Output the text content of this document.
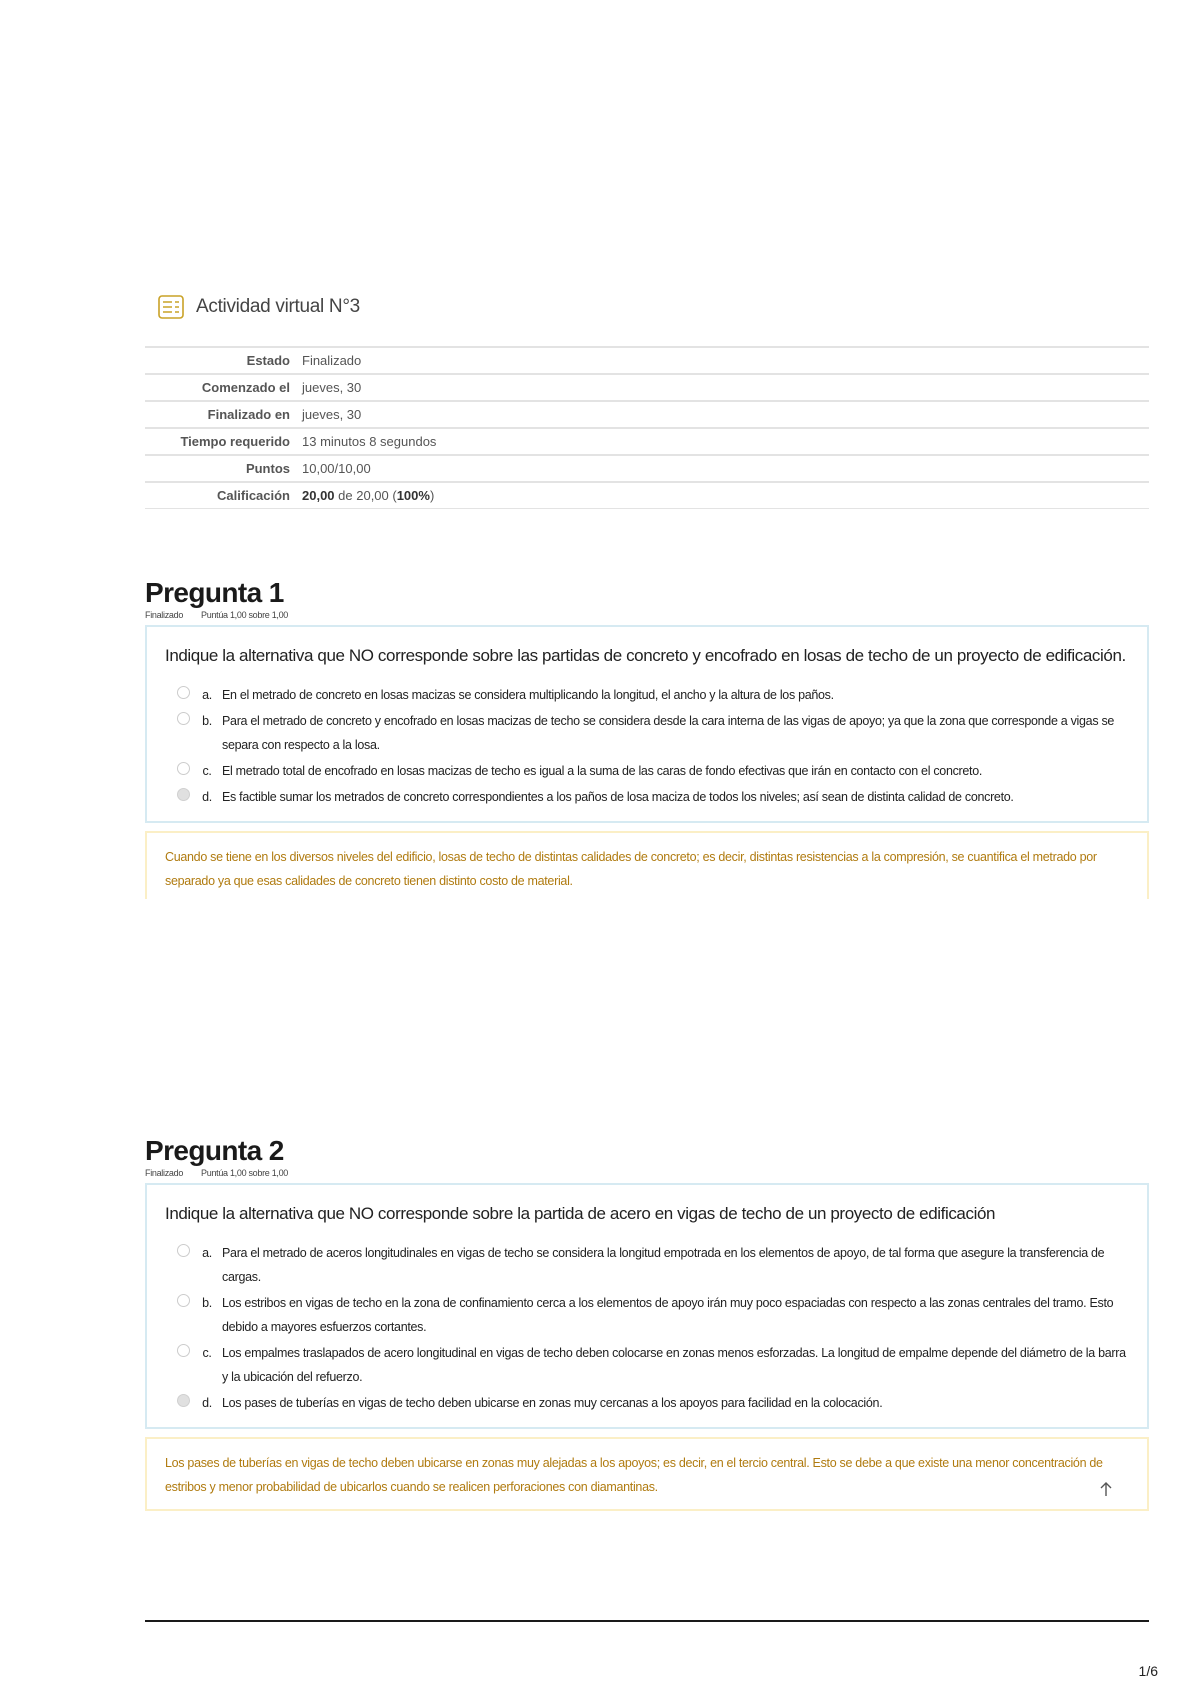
Actividad virtual N°3
Estado	Finalizado
Comenzado el	jueves, 30
Finalizado en	jueves, 30
Tiempo requerido	13 minutos 8 segundos
Puntos	10,00/10,00
Calificación	20,00 de 20,00 (100%)
Pregunta 1
Finalizado Puntúa 1,00 sobre 1,00

Indique la alternativa que NO corresponde sobre las partidas de concreto y encofrado en losas de techo de un proyecto de edificación.

a. En el metrado de concreto en losas macizas se considera multiplicando la longitud, el ancho y la altura de los paños.
b. Para el metrado de concreto y encofrado en losas macizas de techo se considera desde la cara interna de las vigas de apoyo; ya que la zona que corresponde a vigas se separa con respecto a la losa.
c. El metrado total de encofrado en losas macizas de techo es igual a la suma de las caras de fondo efectivas que irán en contacto con el concreto.
d. Es factible sumar los metrados de concreto correspondientes a los paños de losa maciza de todos los niveles; así sean de distinta calidad de concreto.
Cuando se tiene en los diversos niveles del edificio, losas de techo de distintas calidades de concreto; es decir, distintas resistencias a la compresión, se cuantifica el metrado por separado ya que esas calidades de concreto tienen distinto costo de material.
Pregunta 2
Finalizado Puntúa 1,00 sobre 1,00

Indique la alternativa que NO corresponde sobre la partida de acero en vigas de techo de un proyecto de edificación

a. Para el metrado de aceros longitudinales en vigas de techo se considera la longitud empotrada en los elementos de apoyo, de tal forma que asegure la transferencia de cargas.
b. Los estribos en vigas de techo en la zona de confinamiento cerca a los elementos de apoyo irán muy poco espaciadas con respecto a las zonas centrales del tramo. Esto debido a mayores esfuerzos cortantes.
c. Los empalmes traslapados de acero longitudinal en vigas de techo deben colocarse en zonas menos esforzadas. La longitud de empalme depende del diámetro de la barra y la ubicación del refuerzo.
d. Los pases de tuberías en vigas de techo deben ubicarse en zonas muy cercanas a los apoyos para facilidad en la colocación.
Los pases de tuberías en vigas de techo deben ubicarse en zonas muy alejadas a los apoyos; es decir, en el tercio central. Esto se debe a que existe una menor concentración de estribos y menor probabilidad de ubicarlos cuando se realicen perforaciones con diamantinas.
1/6
